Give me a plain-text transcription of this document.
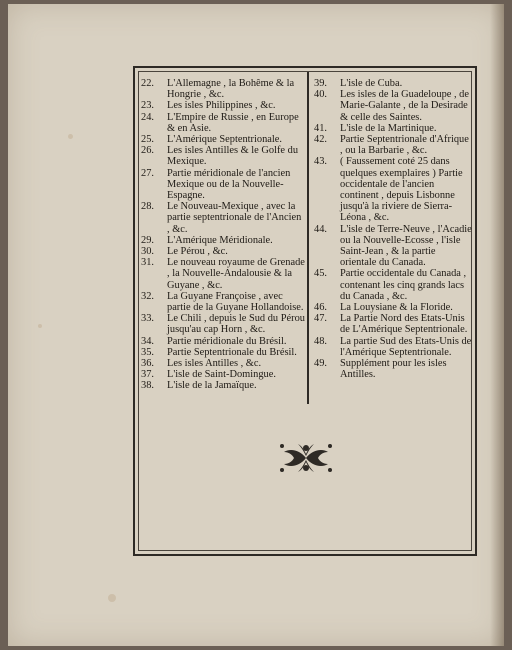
22.	L'Allemagne , la Bohême & la Hongrie , &c.
23.	Les isles Philippines , &c.
24.	L'Empire de Russie , en Europe & en Asie.
25.	L'Amérique Septentrionale.
26.	Les isles Antilles & le Golfe du Mexique.
27.	Partie méridionale de l'ancien Mexique ou de la Nouvelle-Espagne.
28.	Le Nouveau-Mexique , avec la partie septentrionale de l'Ancien , &c.
29.	L'Amérique Méridionale.
30.	Le Pérou , &c.
31.	Le nouveau royaume de Grenade , la Nouvelle-Andalousie & la Guyane , &c.
32.	La Guyane Françoise , avec partie de la Guyane Hollandoise.
33.	Le Chili , depuis le Sud du Pérou jusqu'au cap Horn , &c.
34.	Partie méridionale du Brésil.
35.	Partie Septentrionale du Brésil.
36.	Les isles Antilles , &c.
37.	L'isle de Saint-Domingue.
38.	L'isle de la Jamaïque.
39.	L'isle de Cuba.
40.	Les isles de la Guadeloupe , de Marie-Galante , de la Desirade & celle des Saintes.
41.	L'isle de la Martinique.
42.	Partie Septentrionale d'Afrique , ou la Barbarie , &c.
43.	( Faussement coté 25 dans quelques exemplaires ) Partie occidentale de l'ancien continent , depuis Lisbonne jusqu'à la riviere de Sierra-Léona , &c.
44.	L'isle de Terre-Neuve , l'Acadie ou la Nouvelle-Ecosse , l'isle Saint-Jean , & la partie orientale du Canada.
45.	Partie occidentale du Canada , contenant les cinq grands lacs du Canada , &c.
46.	La Louysiane & la Floride.
47.	La Partie Nord des Etats-Unis de L'Amérique Septentrionale.
48.	La partie Sud des Etats-Unis de l'Amérique Septentrionale.
49.	Supplément pour les isles Antilles.
